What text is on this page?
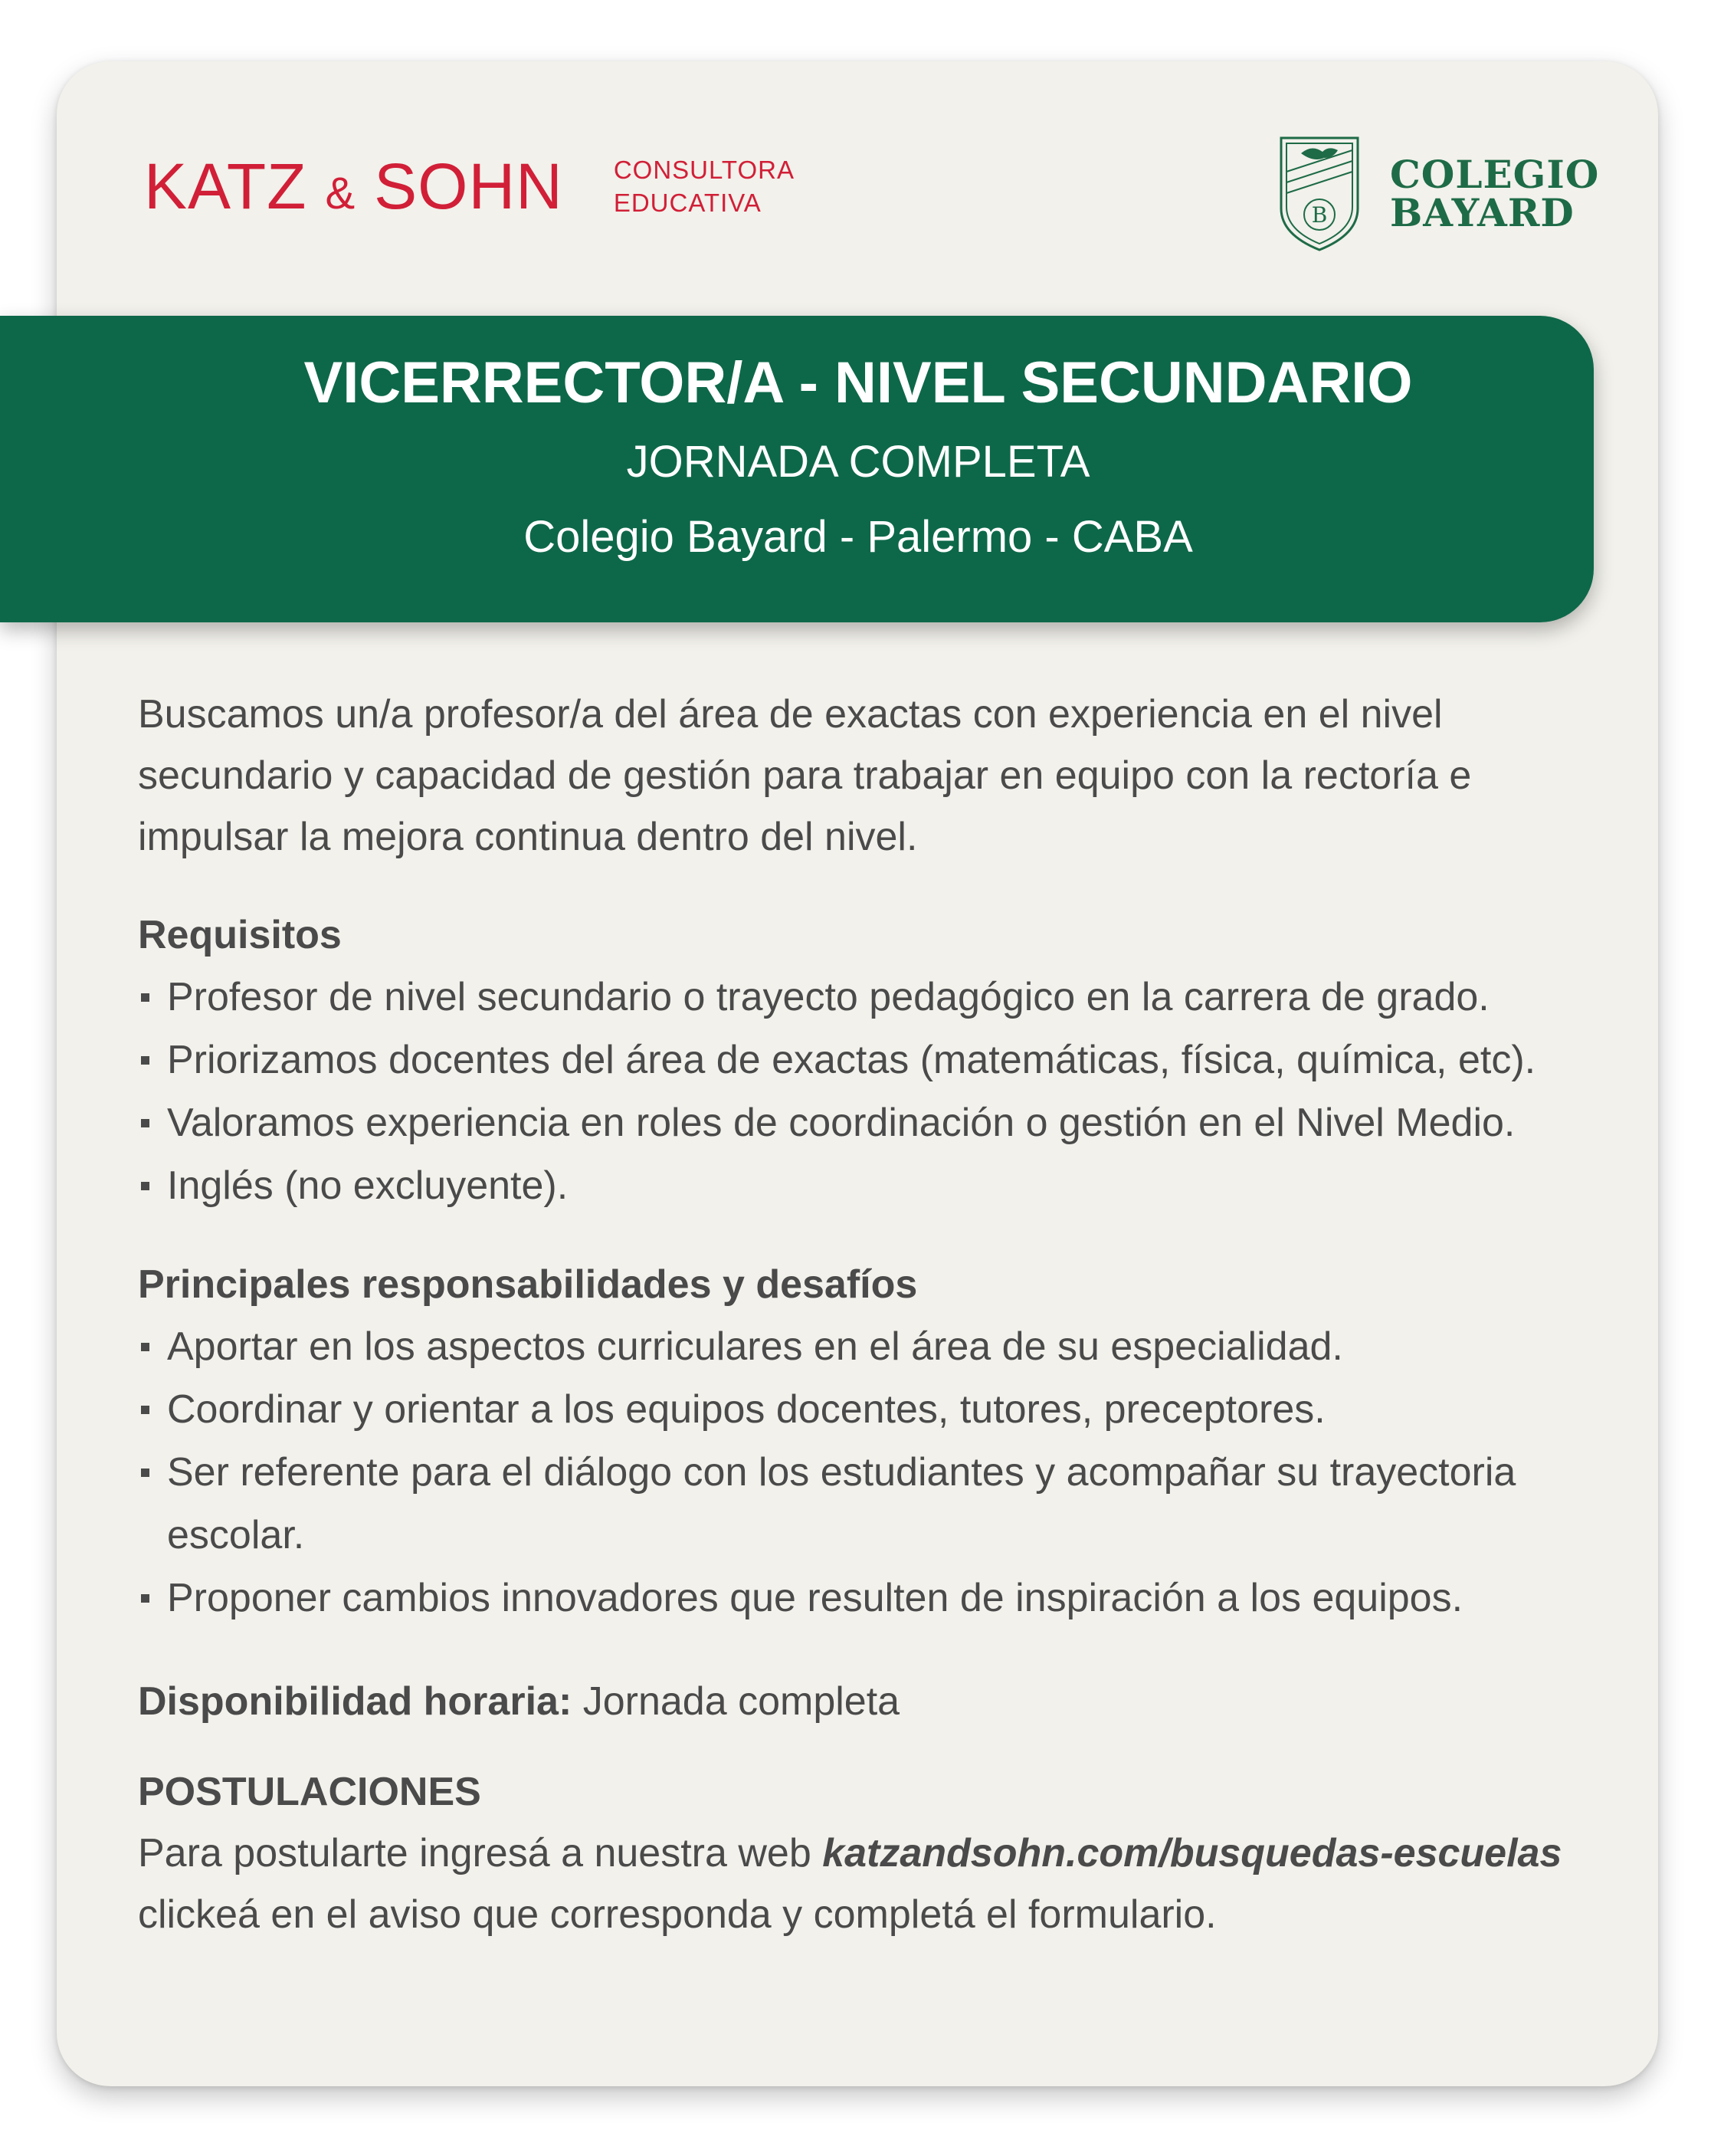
KATZ & SOHN CONSULTORA
EDUCATIVA	B
COLEGIO
BAYARD
VICERRECTOR/A - NIVEL SECUNDARIO
JORNADA COMPLETA
Colegio Bayard - Palermo - CABA

Buscamos un/a profesor/a del área de exactas con experiencia en el nivel secundario y capacidad de gestión para trabajar en equipo con la rectoría e impulsar la mejora continua dentro del nivel.

Requisitos
Profesor de nivel secundario o trayecto pedagógico en la carrera de grado.
Priorizamos docentes del área de exactas (matemáticas, física, química, etc).
Valoramos experiencia en roles de coordinación o gestión en el Nivel Medio.
Inglés (no excluyente).
Principales responsabilidades y desafíos
Aportar en los aspectos curriculares en el área de su especialidad.
Coordinar y orientar a los equipos docentes, tutores, preceptores.
Ser referente para el diálogo con los estudiantes y acompañar su trayectoria escolar.
Proponer cambios innovadores que resulten de inspiración a los equipos.
Disponibilidad horaria: Jornada completa
POSTULACIONES
Para postularte ingresá a nuestra web katzandsohn.com/busquedas-escuelas clickeá en el aviso que corresponda y completá el formulario.
